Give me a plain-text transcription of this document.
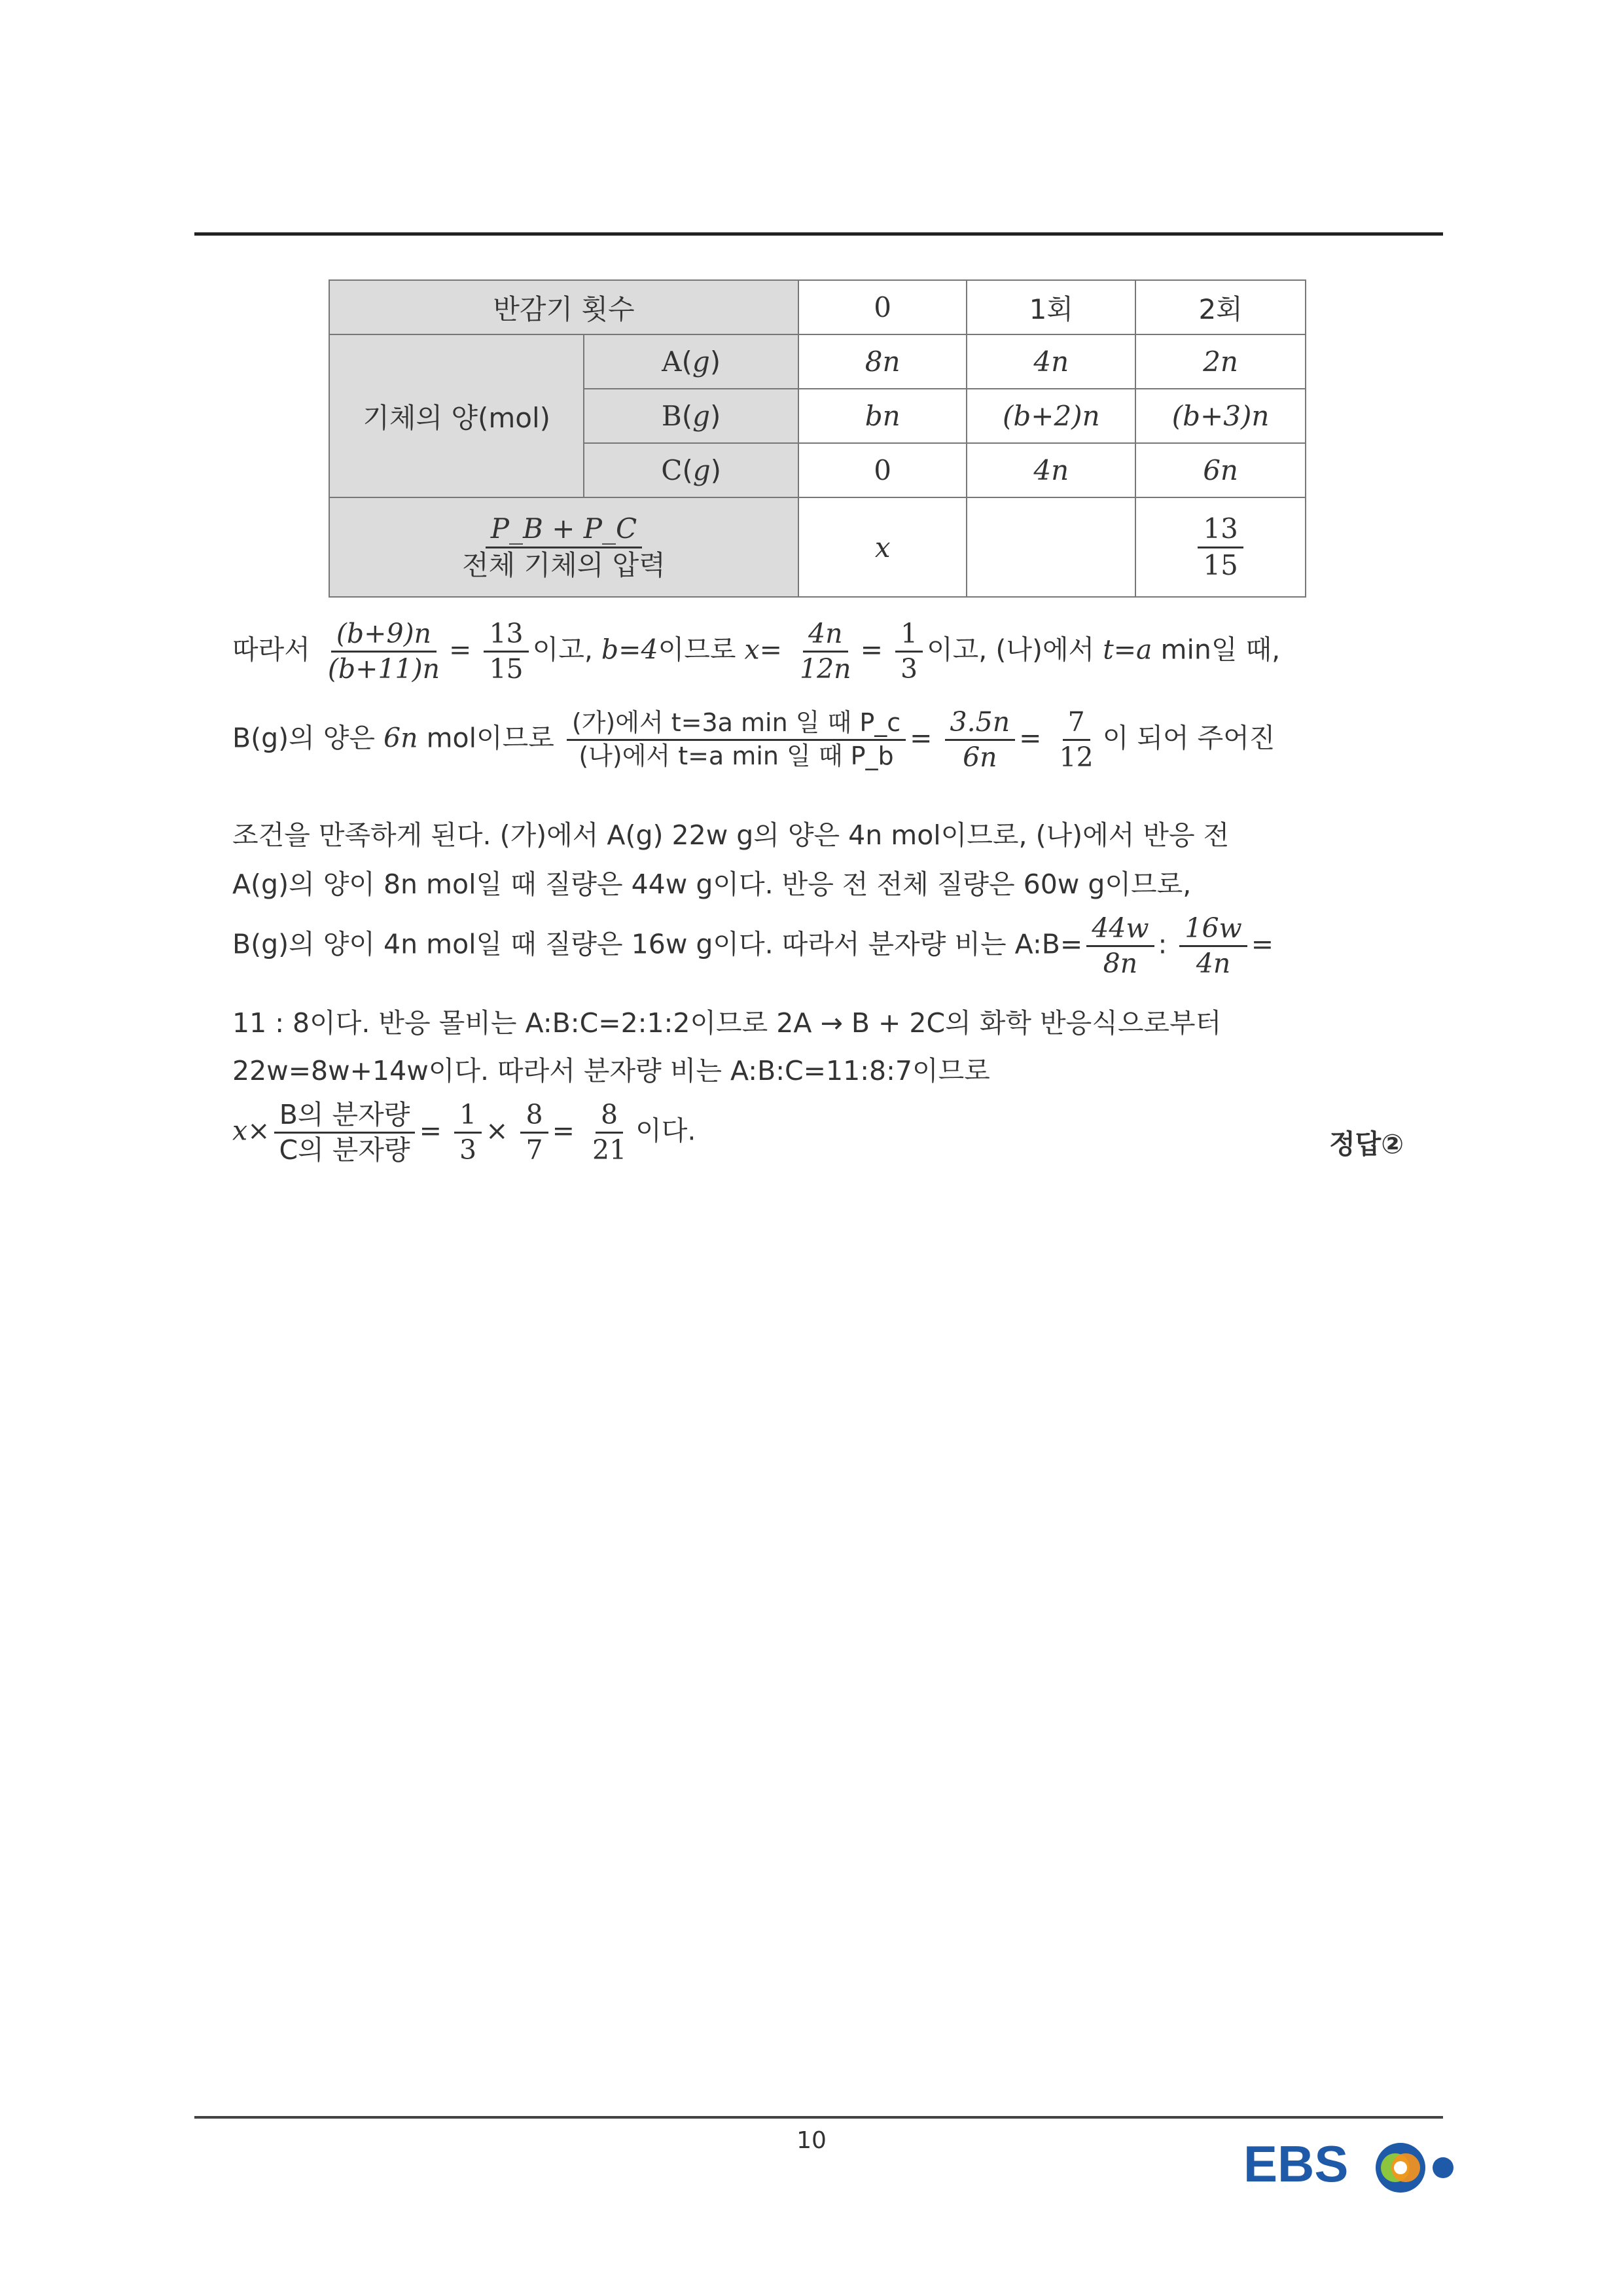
반감기 횟수		0	1회	2회
기체의 양(mol)	A(g)	8n	4n	2n
	B(g)	bn	(b+2)n	(b+3)n
	C(g)	0	4n	6n

$\frac{P\_B + P\_C}{\text{전체 기체의 압력}}$		x		$\frac{13}{15}$
따라서 $\frac{(b+9)n}{(b+11)n} = \frac{13}{15}$ 이고, b=4이므로 $x= \frac{4n}{12n} = \frac{1}{3}$ 이고, (나)에서 t=a min일 때,
B(g)의 양은 6n mol이므로 $\frac{\text{(가)에서 t=3a min 일 때 P\_c}}{\text{(나)에서 t=a min 일 때 P\_b}} = \frac{3.5n}{6n} = \frac{7}{12}$ 이 되어 주어진
조건을 만족하게 된다. (가)에서 A(g) 22w g의 양은 4n mol이므로, (나)에서 반응 전
A(g)의 양이 8n mol일 때 질량은 44w g이다. 반응 전 전체 질량은 60w g이므로,
B(g)의 양이 4n mol일 때 질량은 16w g이다. 따라서 분자량 비는 A:B= $\frac{44w}{8n}$ : $\frac{16w}{4n}$ =
11 : 8이다. 반응 몰비는 A:B:C=2:1:2이므로 2A → B + 2C의 화학 반응식으로부터
22w=8w+14w이다. 따라서 분자량 비는 A:B:C=11:8:7이므로
$x\times \frac{\text{B의 분자량}}{\text{C의 분자량}} = \frac{1}{3} \times \frac{8}{7} = \frac{8}{21}$ 이다.	정답②
10	EBS
